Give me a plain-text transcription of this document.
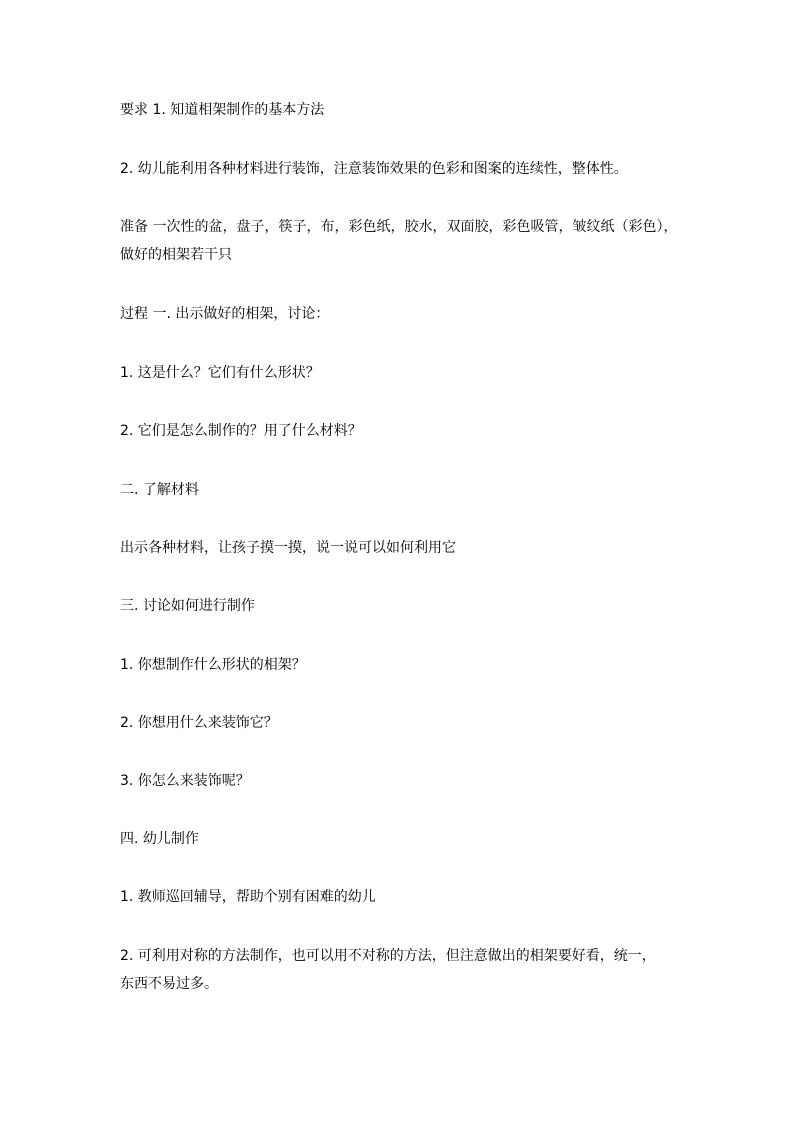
要求 1. 知道相架制作的基本方法
2. 幼儿能利用各种材料进行装饰，注意装饰效果的色彩和图案的连续性，整体性。
准备 一次性的盆，盘子，筷子，布，彩色纸，胶水，双面胶，彩色吸管，皱纹纸（彩色），
做好的相架若干只
过程 一. 出示做好的相架，讨论：
1. 这是什么？它们有什么形状？
2. 它们是怎么制作的？用了什么材料？
二. 了解材料
出示各种材料，让孩子摸一摸，说一说可以如何利用它
三. 讨论如何进行制作
1. 你想制作什么形状的相架？
2. 你想用什么来装饰它？
3. 你怎么来装饰呢？
四. 幼儿制作
1. 教师巡回辅导，帮助个别有困难的幼儿
2. 可利用对称的方法制作，也可以用不对称的方法，但注意做出的相架要好看，统一，
东西不易过多。
